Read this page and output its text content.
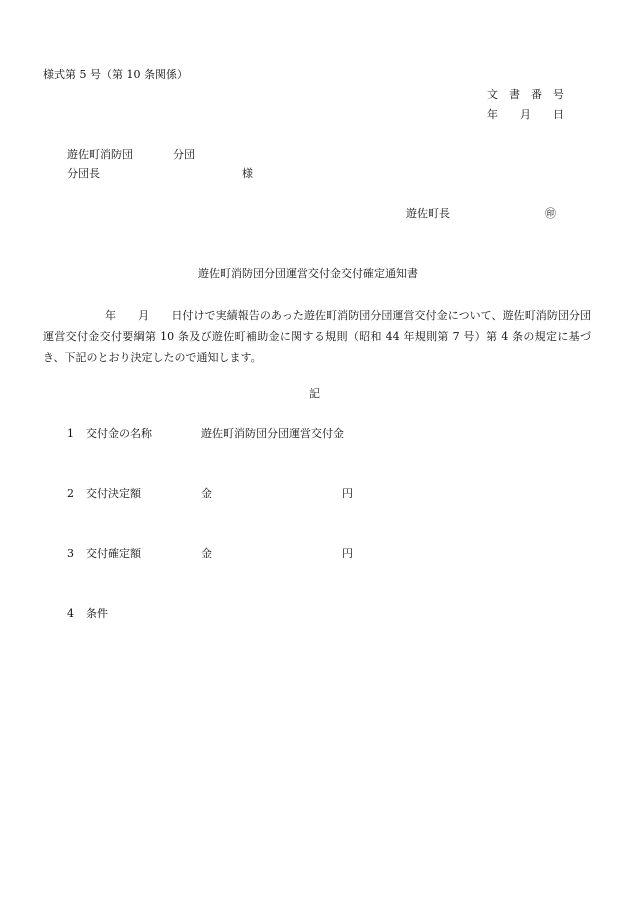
様式第 5 号（第 10 条関係）
文　書　番　号
年　　月　　日
遊佐町消防団	分団
分団長	様
遊佐町長	㊞
遊佐町消防団分団運営交付金交付確定通知書
年　　月　　日付けで実績報告のあった遊佐町消防団分団運営交付金について、遊佐町消防団分団運営交付金交付要綱第 10 条及び遊佐町補助金に関する規則（昭和 44 年規則第 7 号）第 4 条の規定に基づき、下記のとおり決定したので通知します。
記
1 交付金の名称	遊佐町消防団分団運営交付金
2 交付決定額	金	円
3 交付確定額	金	円
4 条件
